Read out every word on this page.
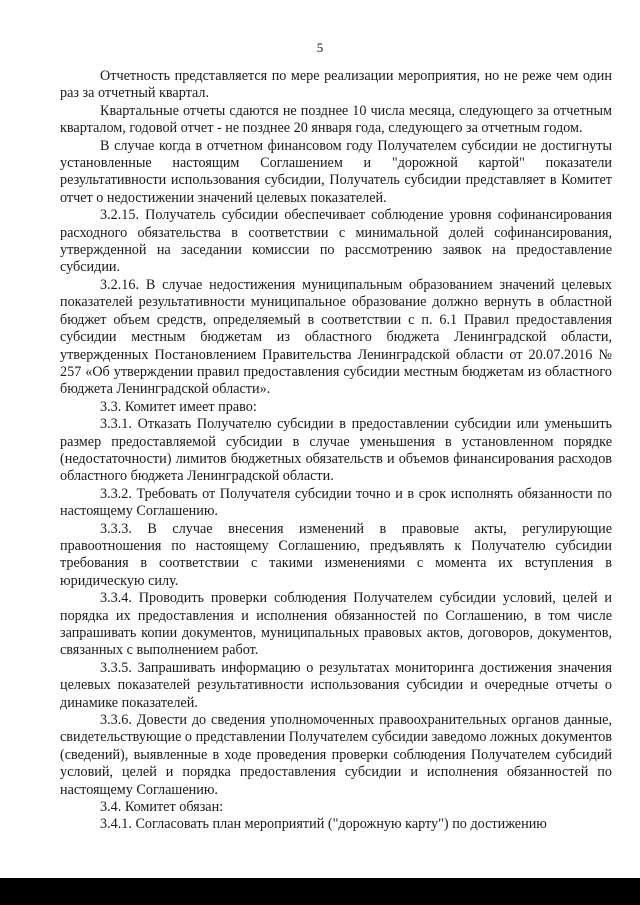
5

Отчетность представляется по мере реализации мероприятия, но не реже чем один раз за отчетный квартал.

Квартальные отчеты сдаются не позднее 10 числа месяца, следующего за отчетным кварталом, годовой отчет - не позднее 20 января года, следующего за отчетным годом.

В случае когда в отчетном финансовом году Получателем субсидии не достигнуты установленные настоящим Соглашением и "дорожной картой" показатели результативности использования субсидии, Получатель субсидии представляет в Комитет отчет о недостижении значений целевых показателей.

3.2.15. Получатель субсидии обеспечивает соблюдение уровня софинансирования расходного обязательства в соответствии с минимальной долей софинансирования, утвержденной на заседании комиссии по рассмотрению заявок на предоставление субсидии.

3.2.16. В случае недостижения муниципальным образованием значений целевых показателей результативности муниципальное образование должно вернуть в областной бюджет объем средств, определяемый в соответствии с п. 6.1 Правил предоставления субсидии местным бюджетам из областного бюджета Ленинградской области, утвержденных Постановлением Правительства Ленинградской области от 20.07.2016 № 257 «Об утверждении правил предоставления субсидии местным бюджетам из областного бюджета Ленинградской области».

3.3. Комитет имеет право:

3.3.1. Отказать Получателю субсидии в предоставлении субсидии или уменьшить размер предоставляемой субсидии в случае уменьшения в установленном порядке (недостаточности) лимитов бюджетных обязательств и объемов финансирования расходов областного бюджета Ленинградской области.

3.3.2. Требовать от Получателя субсидии точно и в срок исполнять обязанности по настоящему Соглашению.

3.3.3. В случае внесения изменений в правовые акты, регулирующие правоотношения по настоящему Соглашению, предъявлять к Получателю субсидии требования в соответствии с такими изменениями с момента их вступления в юридическую силу.

3.3.4. Проводить проверки соблюдения Получателем субсидии условий, целей и порядка их предоставления и исполнения обязанностей по Соглашению, в том числе запрашивать копии документов, муниципальных правовых актов, договоров, документов, связанных с выполнением работ.

3.3.5. Запрашивать информацию о результатах мониторинга достижения значения целевых показателей результативности использования субсидии и очередные отчеты о динамике показателей.

3.3.6. Довести до сведения уполномоченных правоохранительных органов данные, свидетельствующие о представлении Получателем субсидии заведомо ложных документов (сведений), выявленные в ходе проведения проверки соблюдения Получателем субсидий условий, целей и порядка предоставления субсидии и исполнения обязанностей по настоящему Соглашению.

3.4. Комитет обязан:

3.4.1. Согласовать план мероприятий ("дорожную карту") по достижению
